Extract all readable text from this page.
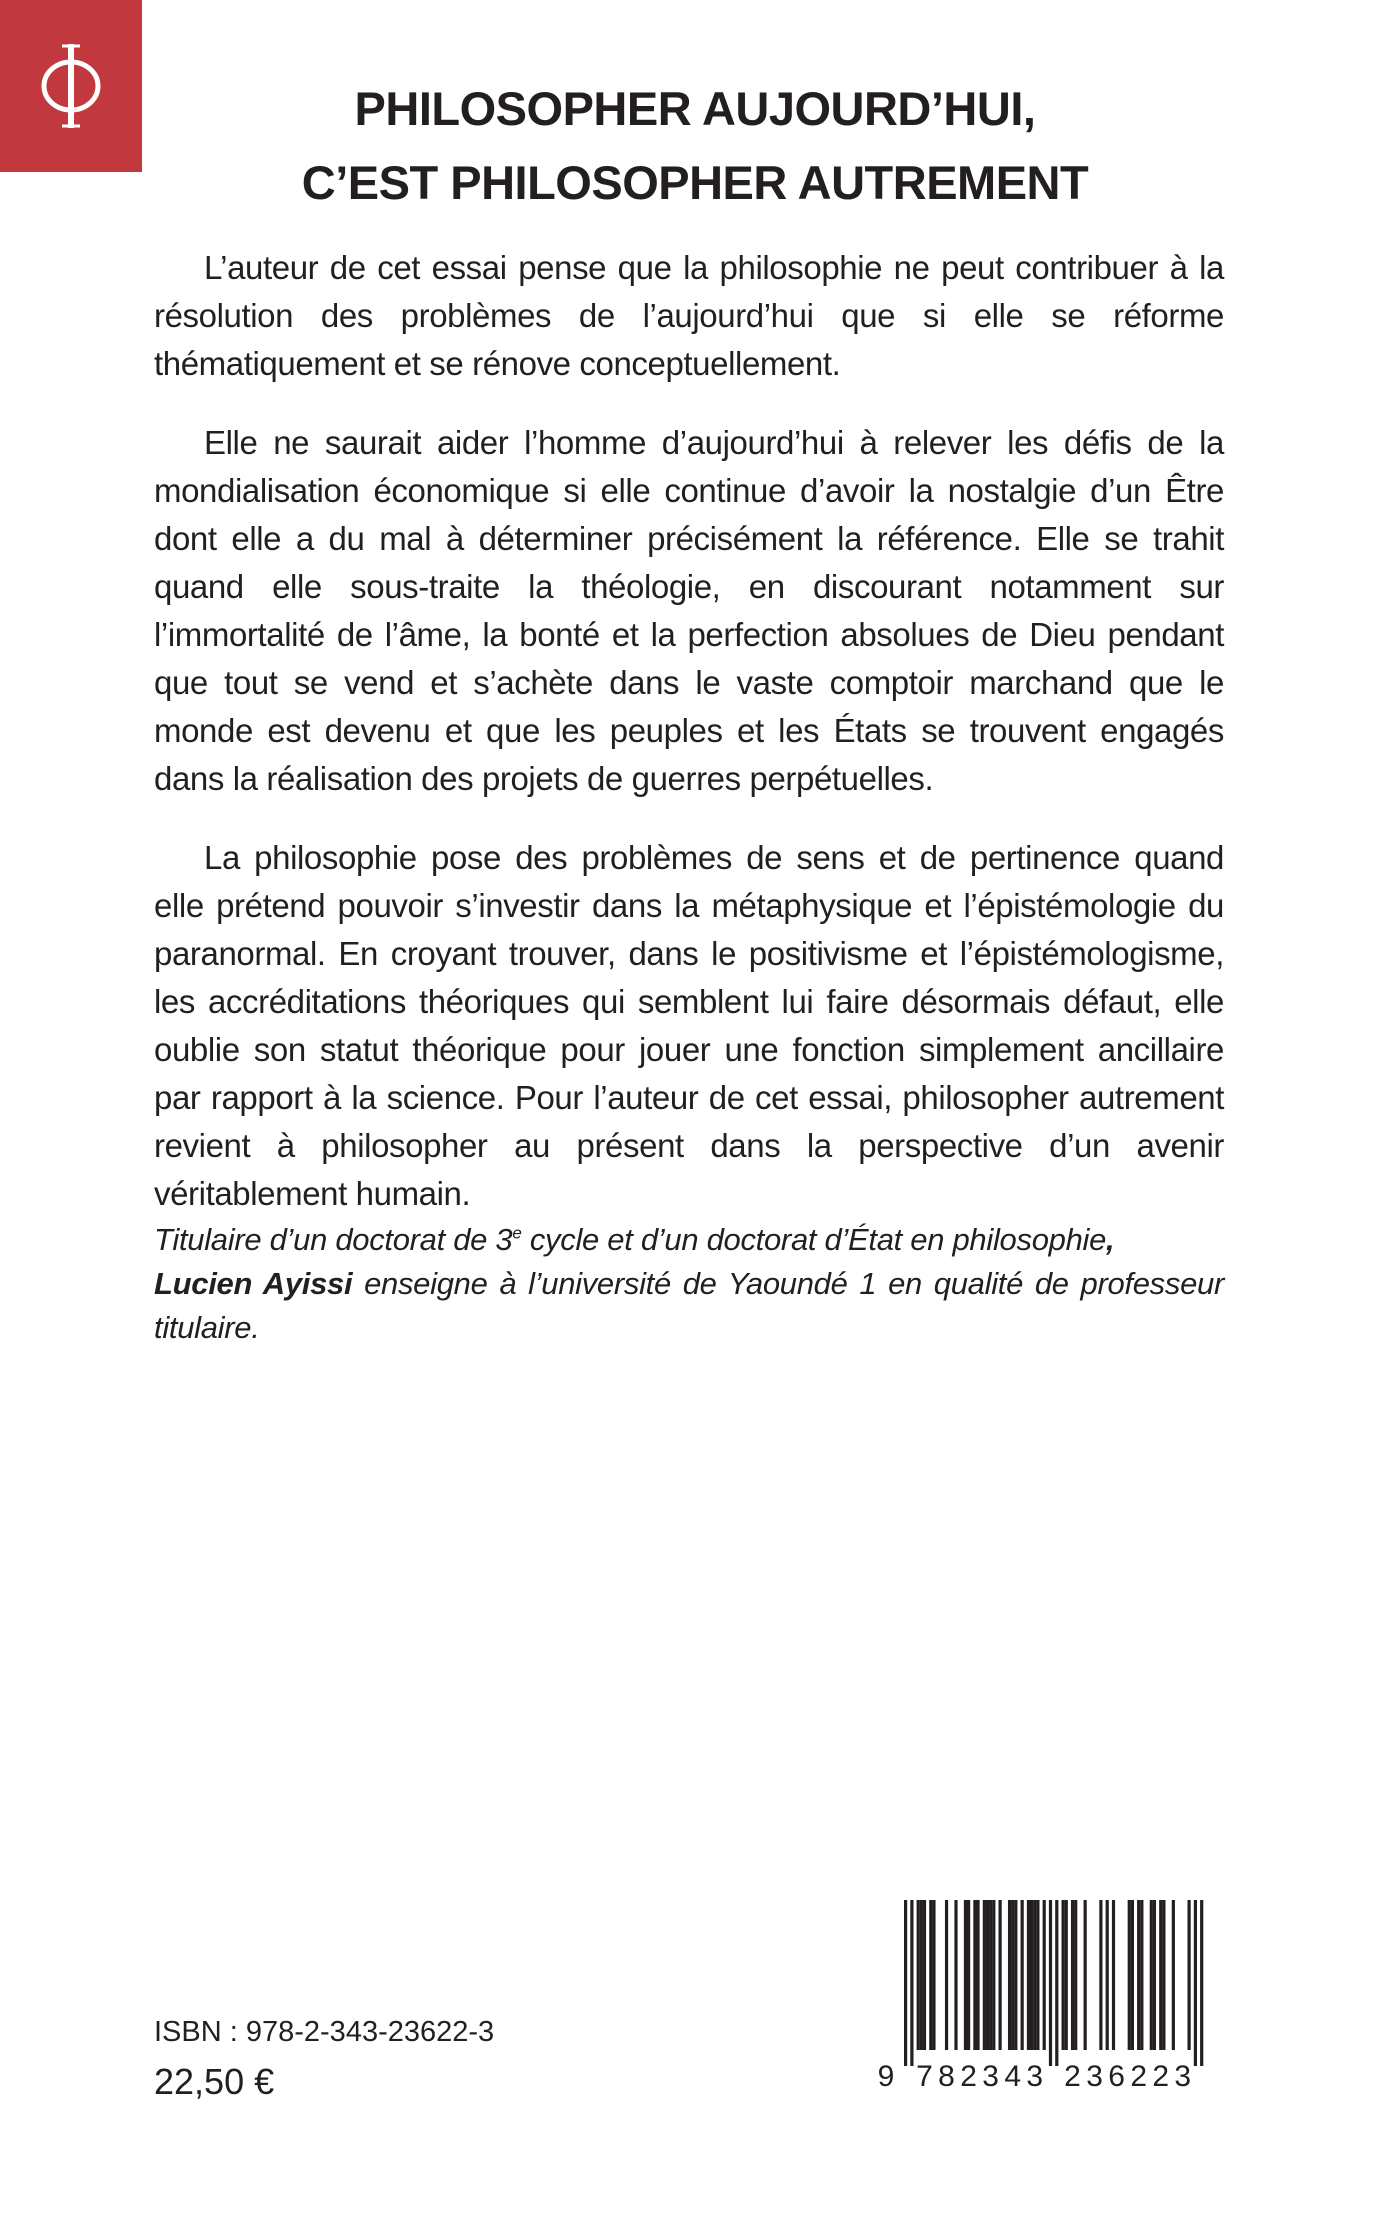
PHILOSOPHER AUJOURD’HUI,
C’EST PHILOSOPHER AUTREMENT

L’auteur de cet essai pense que la philosophie ne peut contribuer à la résolution des problèmes de l’aujourd’hui que si elle se réforme thématiquement et se rénove conceptuellement.

Elle ne saurait aider l’homme d’aujourd’hui à relever les défis de la mondialisation économique si elle continue d’avoir la nostalgie d’un Être dont elle a du mal à déterminer précisément la référence. Elle se trahit quand elle sous-traite la théologie, en discourant notamment sur l’immortalité de l’âme, la bonté et la perfection absolues de Dieu pendant que tout se vend et s’achète dans le vaste comptoir marchand que le monde est devenu et que les peuples et les États se trouvent engagés dans la réalisation des projets de guerres perpétuelles.

La philosophie pose des problèmes de sens et de pertinence quand elle prétend pouvoir s’investir dans la métaphysique et l’épistémologie du paranormal. En croyant trouver, dans le positivisme et l’épistémologisme, les accréditations théoriques qui semblent lui faire désormais défaut, elle oublie son statut théorique pour jouer une fonction simplement ancillaire par rapport à la science. Pour l’auteur de cet essai, philosopher autrement revient à philosopher au présent dans la perspective d’un avenir véritablement humain.

Titulaire d’un doctorat de 3e cycle et d’un doctorat d’État en philosophie,
Lucien Ayissi enseigne à l’université de Yaoundé 1 en qualité de professeur titulaire.
ISBN : 978-2-343-23622-3
22,50 €	9 7 8 2 3 4 3 2 3 6 2 2 3
